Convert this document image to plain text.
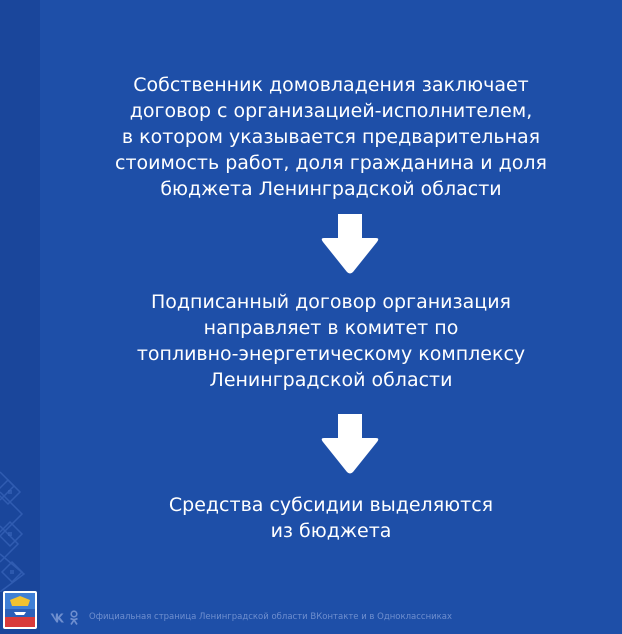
Собственник домовладения заключает
договор с организацией-исполнителем,
в котором указывается предварительная
стоимость работ, доля гражданина и доля
бюджета Ленинградской области
Подписанный договор организация
направляет в комитет по
топливно-энергетическому комплексу
Ленинградской области
Средства субсидии выделяются
из бюджета
Официальная страница Ленинградской области ВКонтакте и в Одноклассниках
